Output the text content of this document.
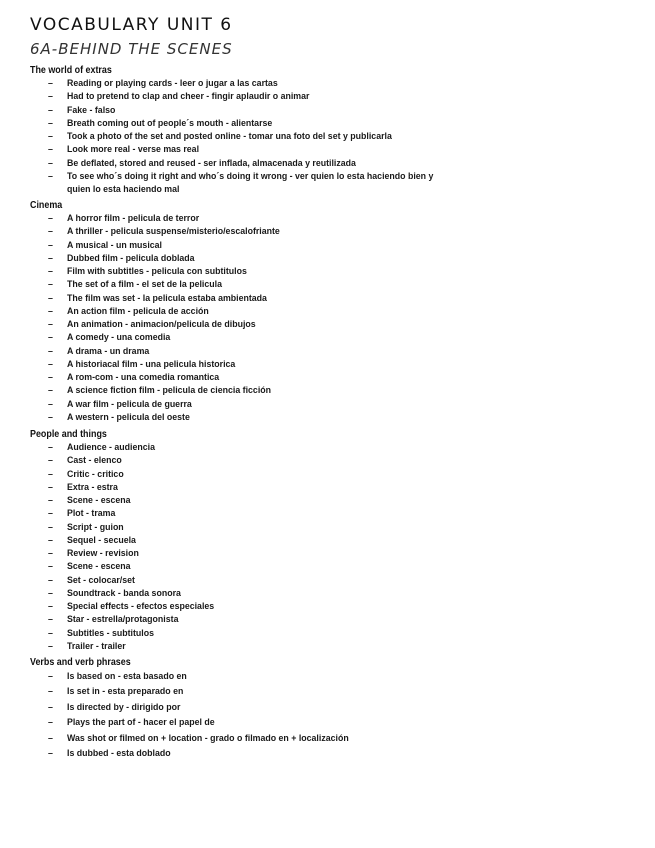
VOCABULARY UNIT 6
6A-BEHIND THE SCENES
The world of extras
– Reading or playing cards - leer o jugar a las cartas
– Had to pretend to clap and cheer - fingir aplaudir o animar
– Fake - falso
– Breath coming out of people´s mouth - alientarse
– Took a photo of the set and posted online - tomar una foto del set y publicarla
– Look more real - verse mas real
– Be deflated, stored and reused - ser inflada, almacenada y reutilizada
– To see who´s doing it right and who´s doing it wrong - ver quien lo esta haciendo bien y quien lo esta haciendo mal
Cinema
– A horror film - pelicula de terror
– A thriller - pelicula suspense/misterio/escalofriante
– A musical - un musical
– Dubbed film - pelicula doblada
– Film with subtitles - pelicula con subtitulos
– The set of a film - el set de la pelicula
– The film was set - la pelicula estaba ambientada
– An action film - pelicula de acción
– An animation - animacion/pelicula de dibujos
– A comedy - una comedia
– A drama - un drama
– A historiacal film - una pelicula historica
– A rom-com - una comedia romantica
– A science fiction film - pelicula de ciencia ficción
– A war film - pelicula de guerra
– A western - pelicula del oeste
People and things
– Audience - audiencia
– Cast - elenco
– Critic - critico
– Extra - estra
– Scene - escena
– Plot - trama
– Script - guion
– Sequel - secuela
– Review - revision
– Scene - escena
– Set - colocar/set
– Soundtrack - banda sonora
– Special effects - efectos especiales
– Star - estrella/protagonista
– Subtitles - subtitulos
– Trailer - trailer
Verbs and verb phrases
– Is based on - esta basado en
– Is set in - esta preparado en
– Is directed by - dirigido por
– Plays the part of - hacer el papel de
– Was shot or filmed on + location - grado o filmado en + localización
– Is dubbed - esta doblado
